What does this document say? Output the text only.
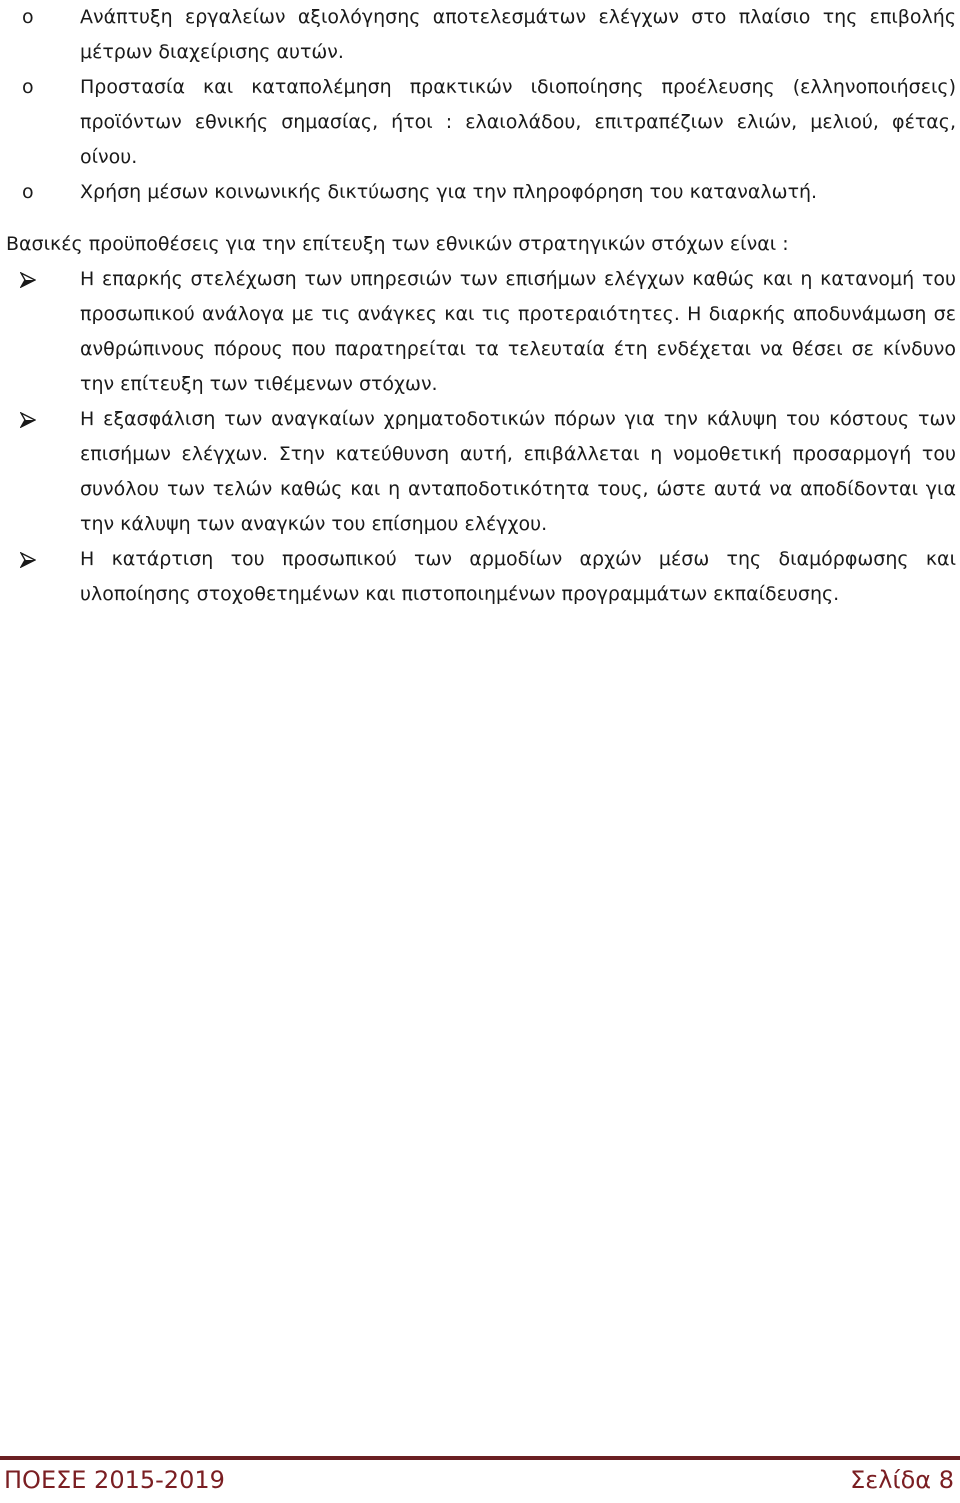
o Ανάπτυξη εργαλείων αξιολόγησης αποτελεσμάτων ελέγχων στο πλαίσιο της επιβολής μέτρων διαχείρισης αυτών.
o Προστασία και καταπολέμηση πρακτικών ιδιοποίησης προέλευσης (ελληνοποιήσεις) προϊόντων εθνικής σημασίας, ήτοι : ελαιολάδου, επιτραπέζιων ελιών, μελιού, φέτας, οίνου.
o Χρήση μέσων κοινωνικής δικτύωσης για την πληροφόρηση του καταναλωτή.

Βασικές προϋποθέσεις για την επίτευξη των εθνικών στρατηγικών στόχων είναι :

Η επαρκής στελέχωση των υπηρεσιών των επισήμων ελέγχων καθώς και η κατανομή του προσωπικού ανάλογα με τις ανάγκες και τις προτεραιότητες. Η διαρκής αποδυνάμωση σε ανθρώπινους πόρους που παρατηρείται τα τελευταία έτη ενδέχεται να θέσει σε κίνδυνο την επίτευξη των τιθέμενων στόχων.
Η εξασφάλιση των αναγκαίων χρηματοδοτικών πόρων για την κάλυψη του κόστους των επισήμων ελέγχων. Στην κατεύθυνση αυτή, επιβάλλεται η νομοθετική προσαρμογή του συνόλου των τελών καθώς και η ανταποδοτικότητα τους, ώστε αυτά να αποδίδονται για την κάλυψη των αναγκών του επίσημου ελέγχου.
Η κατάρτιση του προσωπικού των αρμοδίων αρχών μέσω της διαμόρφωσης και υλοποίησης στοχοθετημένων και πιστοποιημένων προγραμμάτων εκπαίδευσης.
ΠΟΕΣΕ 2015-2019	Σελίδα 8
